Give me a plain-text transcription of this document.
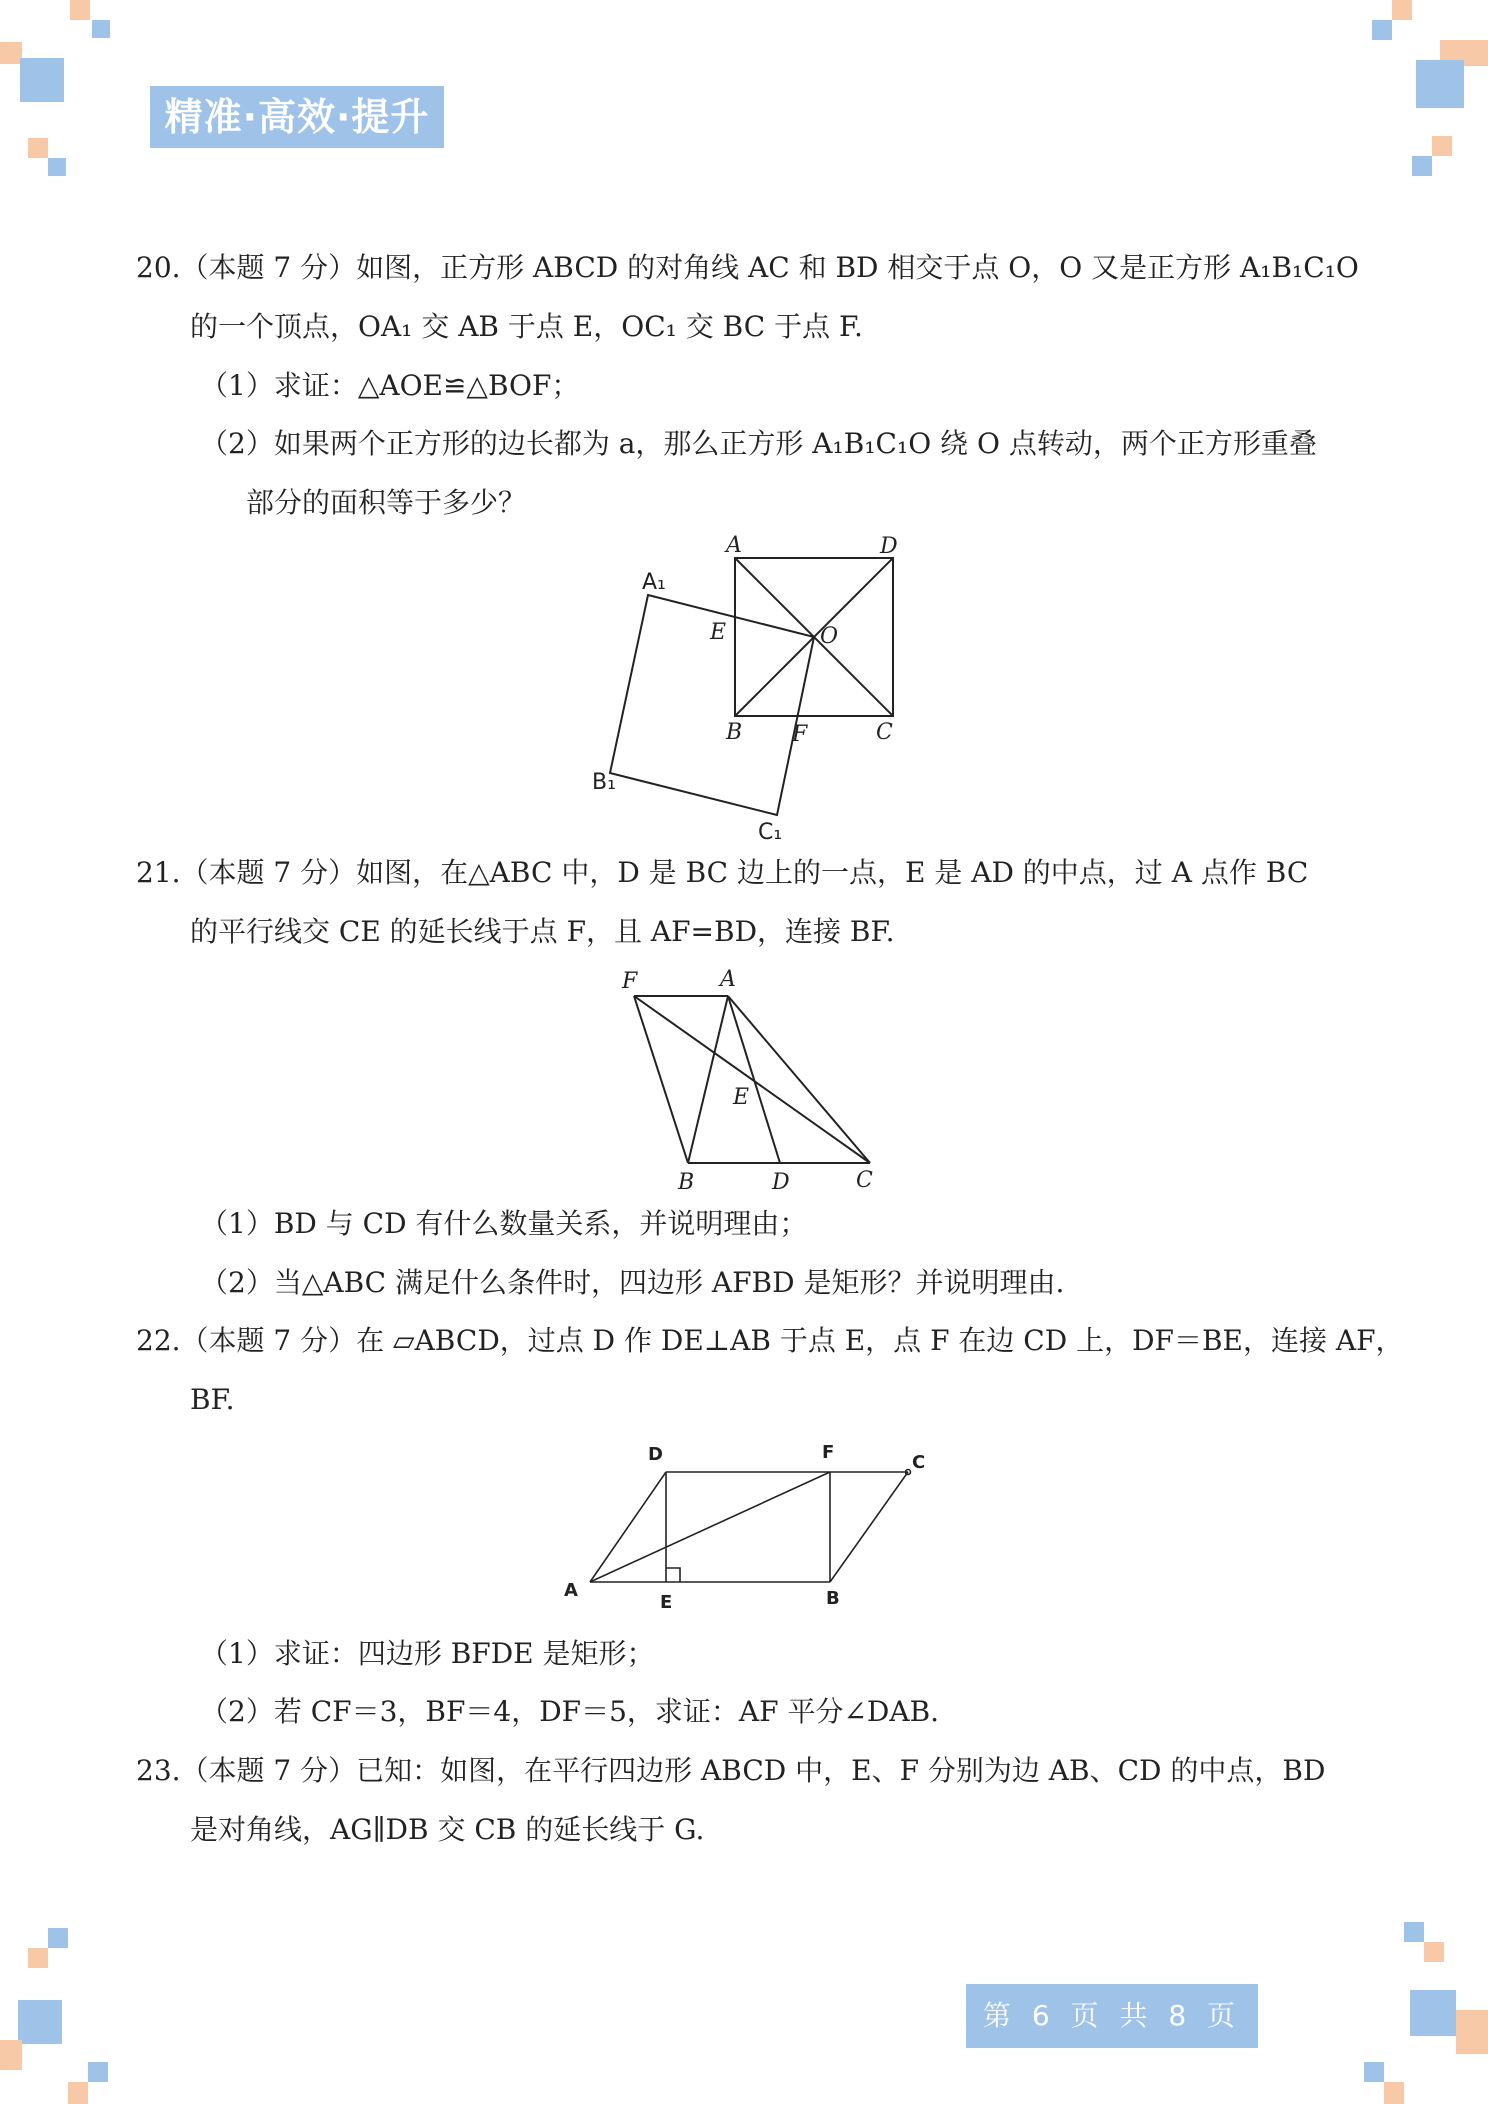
精准·高效·提升
20.（本题 7 分）如图，正方形 ABCD 的对角线 AC 和 BD 相交于点 O，O 又是正方形 A₁B₁C₁O
的一个顶点，OA₁ 交 AB 于点 E，OC₁ 交 BC 于点 F.
（1）求证：△AOE≌△BOF；
（2）如果两个正方形的边长都为 a，那么正方形 A₁B₁C₁O 绕 O 点转动，两个正方形重叠
部分的面积等于多少？
A	D
A₁
E	O
B F	C
B₁
C₁
21.（本题 7 分）如图，在△ABC 中，D 是 BC 边上的一点，E 是 AD 的中点，过 A 点作 BC
的平行线交 CE 的延长线于点 F，且 AF=BD，连接 BF.
F	A
E
B	D	C
（1）BD 与 CD 有什么数量关系，并说明理由；
（2）当△ABC 满足什么条件时，四边形 AFBD 是矩形？并说明理由.
22.（本题 7 分）在 ▱ABCD，过点 D 作 DE⊥AB 于点 E，点 F 在边 CD 上，DF＝BE，连接 AF，
BF.
D	F	C
A
E	B
（1）求证：四边形 BFDE 是矩形；
（2）若 CF＝3，BF＝4，DF＝5，求证：AF 平分∠DAB.
23.（本题 7 分）已知：如图，在平行四边形 ABCD 中，E、F 分别为边 AB、CD 的中点，BD
是对角线，AG∥DB 交 CB 的延长线于 G.
第 6 页 共 8 页
